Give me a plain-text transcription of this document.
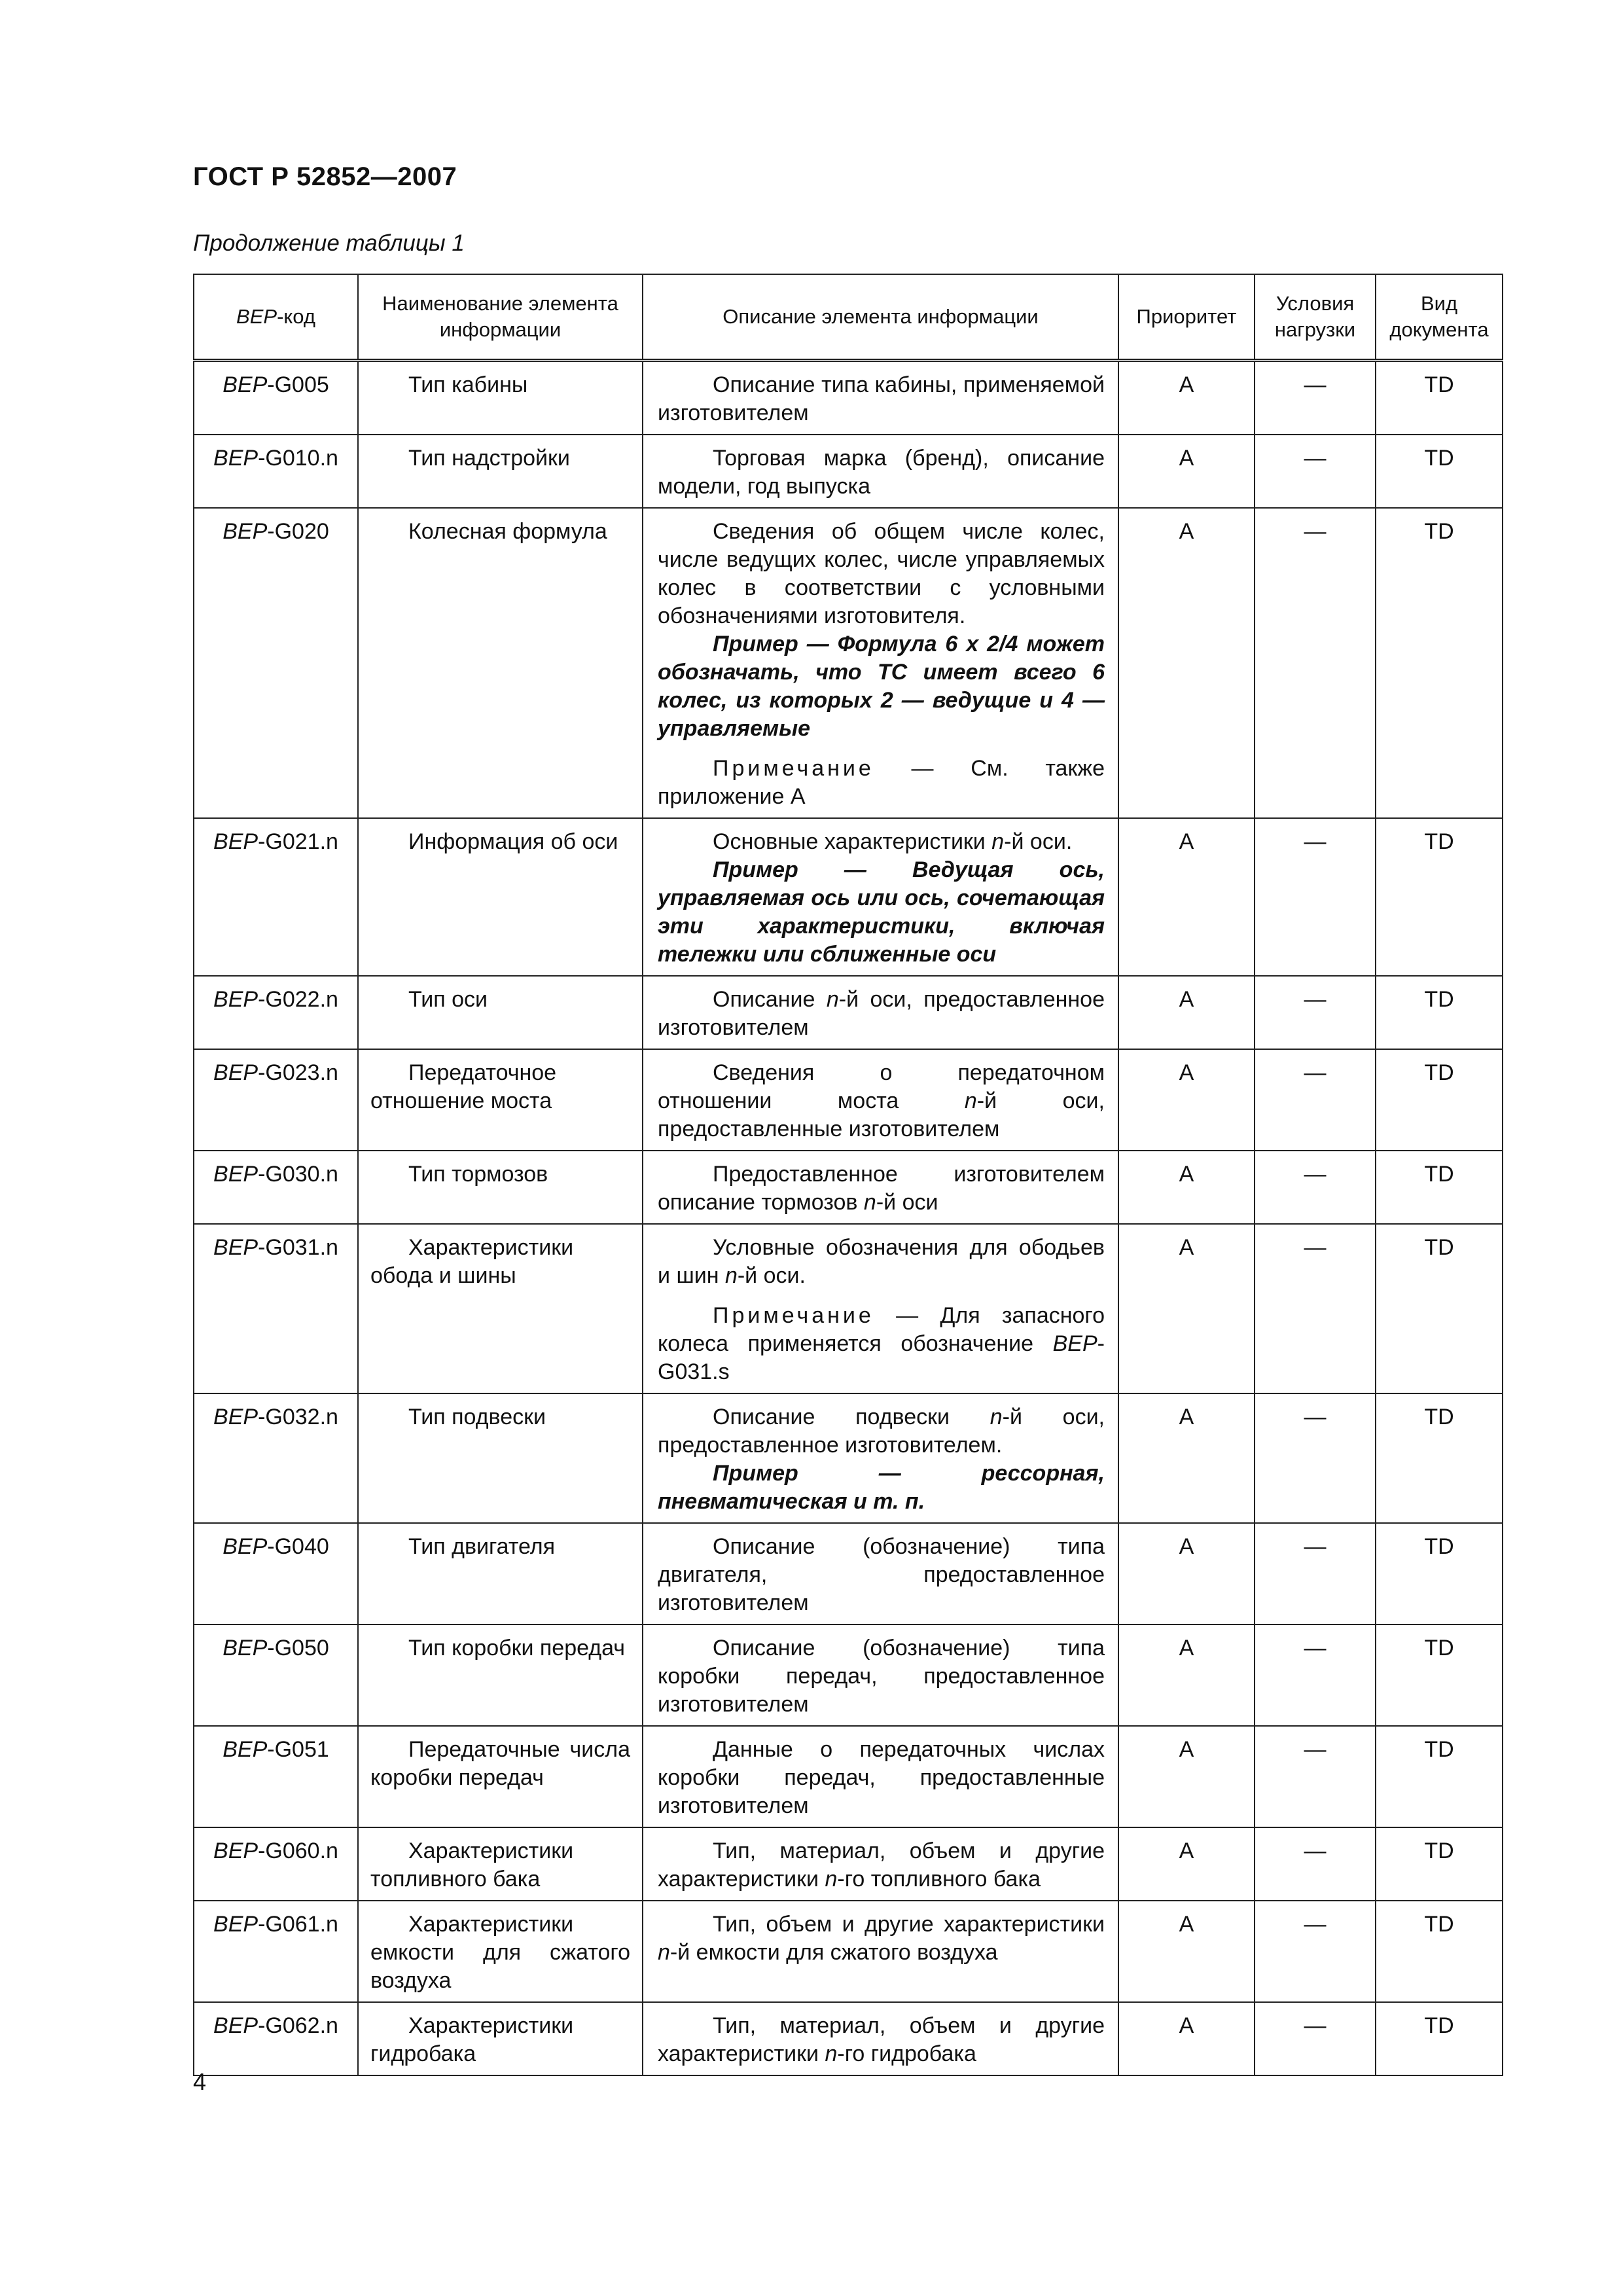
ГОСТ Р 52852—2007
Продолжение таблицы 1
BEP-код	Наименование элемента информации	Описание элемента информации	Приоритет	Условия нагрузки	Вид документа
BEP-G005	Тип кабины	Описание типа кабины, применяемой изготовителем	А	—	TD
BEP-G010.n	Тип надстройки	Торговая марка (бренд), описание модели, год выпуска	А	—	TD
BEP-G020	Колесная формула	Сведения об общем числе колес, числе ведущих колес, числе управляемых колес в соответствии с условными обозначениями изготовителя.

Пример — Формула 6 х 2/4 может обозначать, что ТС имеет всего 6 колес, из которых 2 — ведущие и 4 — управляемые

Примечание — См. также приложение А	А	—	TD
BEP-G021.n	Информация об оси	Основные характеристики n-й оси.

Пример — Ведущая ось, управляемая ось или ось, сочетающая эти характеристики, включая тележки или сближенные оси	А	—	TD
BEP-G022.n	Тип оси	Описание n-й оси, предоставленное изготовителем	А	—	TD
BEP-G023.n	Передаточное отношение моста	Сведения о передаточном отношении моста n-й оси, предоставленные изготовителем	А	—	TD
BEP-G030.n	Тип тормозов	Предоставленное изготовителем описание тормозов n-й оси	А	—	TD
BEP-G031.n	Характеристики обода и шины	Условные обозначения для ободьев и шин n-й оси.

Примечание — Для запасного колеса применяется обозначение BEP-G031.s	А	—	TD
BEP-G032.n	Тип подвески	Описание подвески n-й оси, предоставленное изготовителем.

Пример — рессорная, пневматическая и т. п.	А	—	TD
BEP-G040	Тип двигателя	Описание (обозначение) типа двигателя, предоставленное изготовителем	А	—	TD
BEP-G050	Тип коробки передач	Описание (обозначение) типа коробки передач, предоставленное изготовителем	А	—	TD
BEP-G051	Передаточные числа коробки передач	Данные о передаточных числах коробки передач, предоставленные изготовителем	А	—	TD
BEP-G060.n	Характеристики топливного бака	Тип, материал, объем и другие характеристики n-го топливного бака	А	—	TD
BEP-G061.n	Характеристики емкости для сжатого воздуха	Тип, объем и другие характеристики n-й емкости для сжатого воздуха	А	—	TD
BEP-G062.n	Характеристики гидробака	Тип, материал, объем и другие характеристики n-го гидробака	А	—	TD
4
